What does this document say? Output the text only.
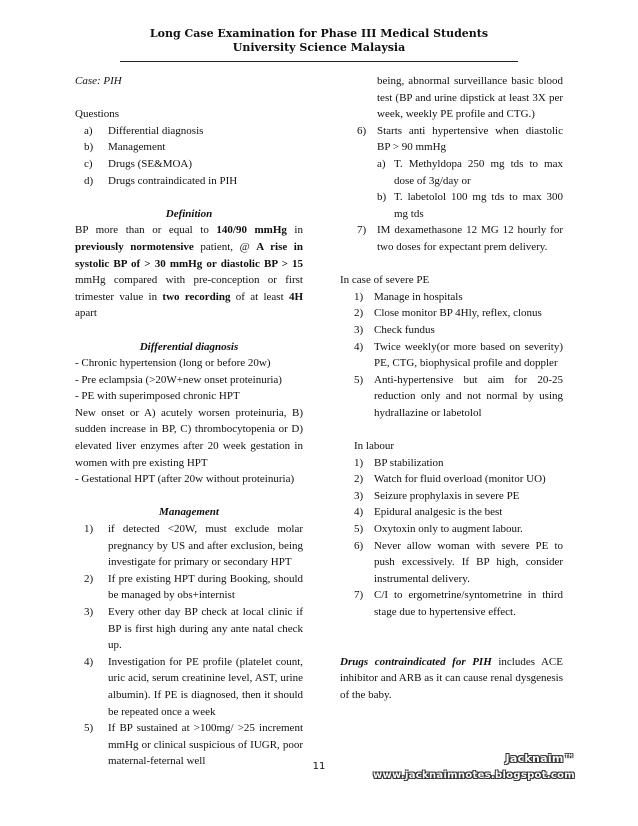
Long Case Examination for Phase III Medical Students
University Science Malaysia

Case: PIH

Questions

a)	Differential diagnosis
b)	Management
c)	Drugs (SE&MOA)
d)	Drugs contraindicated in PIH

Definition

BP more than or equal to 140/90 mmHg in previously normotensive patient, @ A rise in systolic BP of > 30 mmHg or diastolic BP > 15 mmHg compared with pre-conception or first trimester value in two recording of at least 4H apart

Differential diagnosis

- Chronic hypertension (long or before 20w)

- Pre eclampsia (>20W+new onset proteinuria)

- PE with superimposed chronic HPT

New onset or A) acutely worsen proteinuria, B) sudden increase in BP, C) thrombocytopenia or D) elevated liver enzymes after 20 week gestation in women with pre existing HPT

- Gestational HPT (after 20w without proteinuria)

Management

1)	if detected <20W, must exclude molar pregnancy by US and after exclusion, being investigate for primary or secondary HPT
2)	If pre existing HPT during Booking, should be managed by obs+internist
3)	Every other day BP check at local clinic if BP is first high during any ante natal check up.
4)	Investigation for PE profile (platelet count, uric acid, serum creatinine level, AST, urine albumin). If PE is diagnosed, then it should be repeated once a week
5)	If BP sustained at >100mg/ >25 increment mmHg or clinical suspicious of IUGR, poor maternal-feternal well
being, abnormal surveillance basic blood test (BP and urine dipstick at least 3X per week, weekly PE profile and CTG.)
6) Starts anti hypertensive when diastolic BP > 90 mmHg
a) T. Methyldopa 250 mg tds to max dose of 3g/day or
b) T. labetolol 100 mg tds to max 300 mg tds
7) IM dexamethasone 12 MG 12 hourly for two doses for expectant prem delivery.

In case of severe PE

1) Manage in hospitals
2) Close monitor BP 4Hly, reflex, clonus
3) Check fundus
4) Twice weekly(or more based on severity) PE, CTG, biophysical profile and doppler
5) Anti-hypertensive but aim for 20-25 reduction only and not normal by using hydrallazine or labetolol

In labour

1) BP stabilization
2) Watch for fluid overload (monitor UO)
3) Seizure prophylaxis in severe PE
4) Epidural analgesic is the best
5) Oxytoxin only to augment labour.
6) Never allow woman with severe PE to push excessively. If BP high, consider instrumental delivery.
7) C/I to ergometrine/syntometrine in third stage due to hypertensive effect.

Drugs contraindicated for PIH includes ACE inhibitor and ARB as it can cause renal dysgenesis of the baby.

11
Jacknaim™
www.jacknaimnotes.blogspot.com
